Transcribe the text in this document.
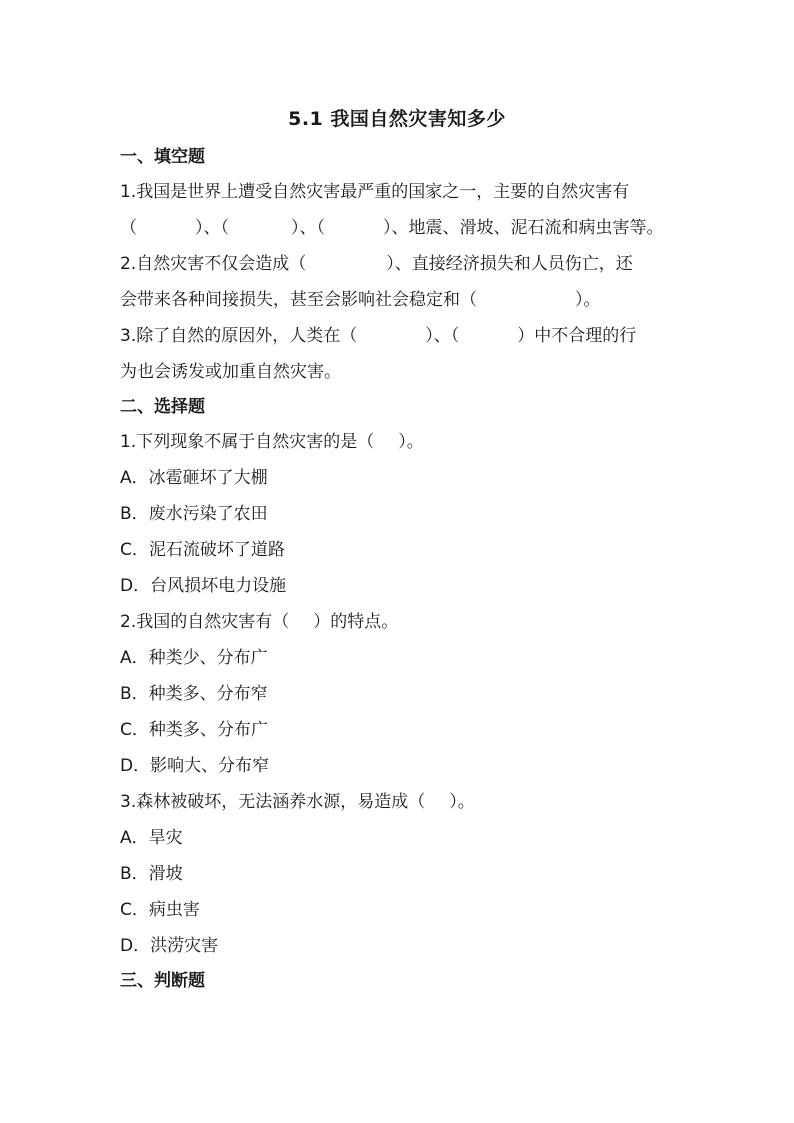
5.1 我国自然灾害知多少
一、填空题
1.我国是世界上遭受自然灾害最严重的国家之一，主要的自然灾害有
（	）、（	）、（	）、地震、滑坡、泥石流和病虫害等。
2.自然灾害不仅会造成（	）、直接经济损失和人员伤亡，还
会带来各种间接损失，甚至会影响社会稳定和（	）。
3.除了自然的原因外，人类在（	）、（	）中不合理的行
为也会诱发或加重自然灾害。
二、选择题
1.下列现象不属于自然灾害的是（ ）。
A．冰雹砸坏了大棚
B．废水污染了农田
C．泥石流破坏了道路
D．台风损坏电力设施
2.我国的自然灾害有（ ）的特点。
A．种类少、分布广
B．种类多、分布窄
C．种类多、分布广
D．影响大、分布窄
3.森林被破坏，无法涵养水源，易造成（ ）。
A．旱灾
B．滑坡
C．病虫害
D．洪涝灾害
三、判断题
